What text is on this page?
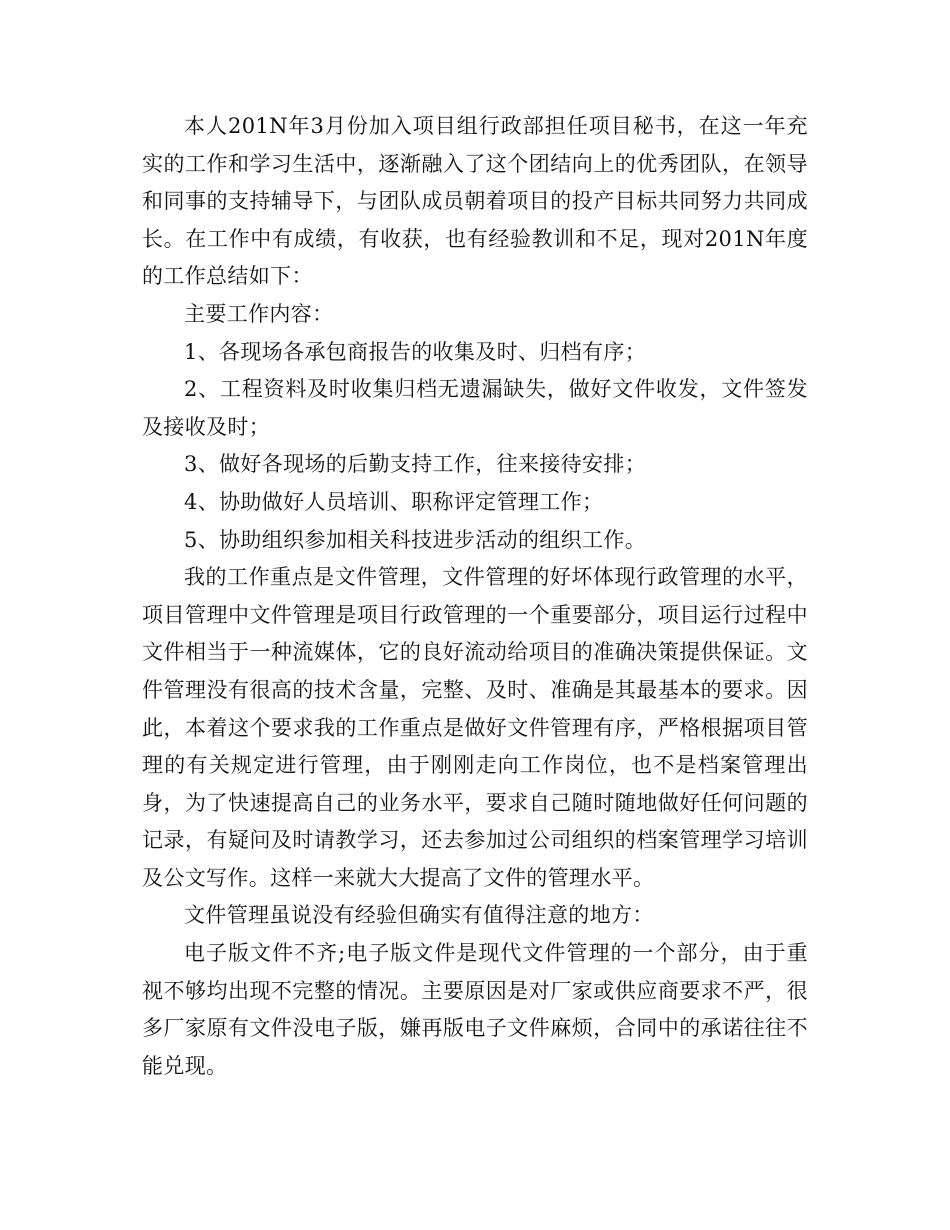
本人201N年3月份加入项目组行政部担任项目秘书，在这一年充实的工作和学习生活中，逐渐融入了这个团结向上的优秀团队，在领导和同事的支持辅导下，与团队成员朝着项目的投产目标共同努力共同成长。在工作中有成绩，有收获，也有经验教训和不足，现对201N年度的工作总结如下：

主要工作内容：

1、各现场各承包商报告的收集及时、归档有序；

2、工程资料及时收集归档无遗漏缺失，做好文件收发，文件签发及接收及时；

3、做好各现场的后勤支持工作，往来接待安排；

4、协助做好人员培训、职称评定管理工作；

5、协助组织参加相关科技进步活动的组织工作。

我的工作重点是文件管理，文件管理的好坏体现行政管理的水平，项目管理中文件管理是项目行政管理的一个重要部分，项目运行过程中文件相当于一种流媒体，它的良好流动给项目的准确决策提供保证。文件管理没有很高的技术含量，完整、及时、准确是其最基本的要求。因此，本着这个要求我的工作重点是做好文件管理有序，严格根据项目管理的有关规定进行管理，由于刚刚走向工作岗位，也不是档案管理出身，为了快速提高自己的业务水平，要求自己随时随地做好任何问题的记录，有疑问及时请教学习，还去参加过公司组织的档案管理学习培训及公文写作。这样一来就大大提高了文件的管理水平。

文件管理虽说没有经验但确实有值得注意的地方：

电子版文件不齐;电子版文件是现代文件管理的一个部分，由于重视不够均出现不完整的情况。主要原因是对厂家或供应商要求不严，很多厂家原有文件没电子版，嫌再版电子文件麻烦，合同中的承诺往往不能兑现。
